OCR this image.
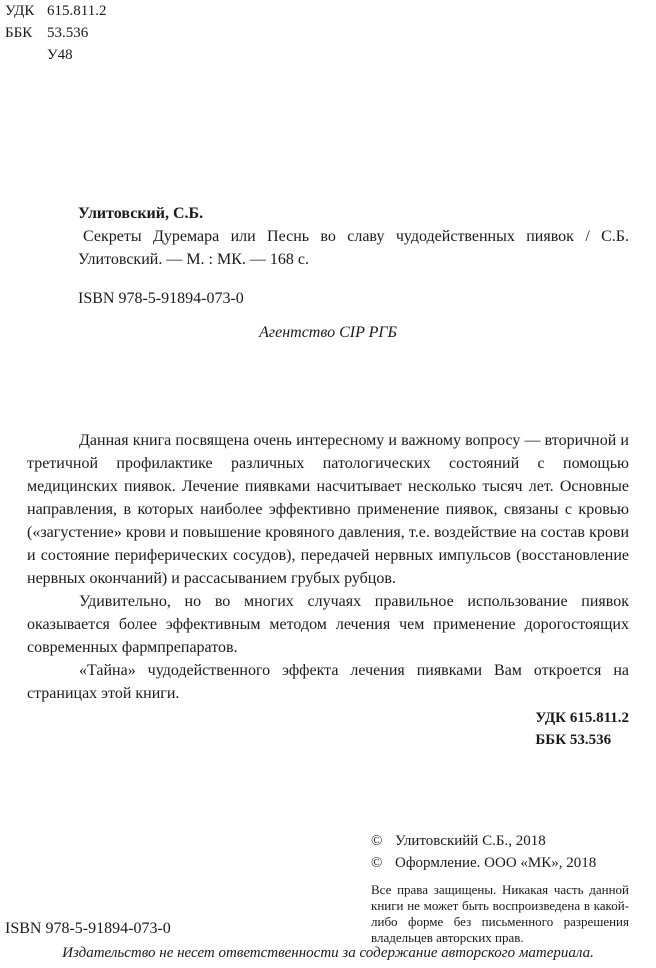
УДК 615.811.2
ББК 53.536
У48
Улитовский, С.Б.
Секреты Дуремара или Песнь во славу чудодейственных пиявок / С.Б. Улитовский. — М. : МК. — 168 с.
ISBN 978-5-91894-073-0
Агентство CIP РГБ

Данная книга посвящена очень интересному и важному вопросу — вторичной и третичной профилактике различных патологических состояний с помощью медицинских пиявок. Лечение пиявками насчитывает несколько тысяч лет. Основные направления, в которых наиболее эффективно применение пиявок, связаны с кровью («загустение» крови и повышение кровяного давления, т.е. воздействие на состав крови и состояние периферических сосудов), передачей нервных импульсов (восстановление нервных окончаний) и рассасыванием грубых рубцов.

Удивительно, но во многих случаях правильное использование пиявок оказывается более эффективным методом лечения чем применение дорогостоящих современных фармпрепаратов.

«Тайна» чудодейственного эффекта лечения пиявками Вам откроется на страницах этой книги.

УДК 615.811.2
ББК 53.536
© Улитовскийй С.Б., 2018
© Оформление. ООО «МК», 2018
Все права защищены. Никакая часть данной книги не может быть воспроизведена в какой-либо форме без письменного разрешения владельцев авторских прав.
ISBN 978-5-91894-073-0
Издательство не несет ответственности за содержание авторского материала.
